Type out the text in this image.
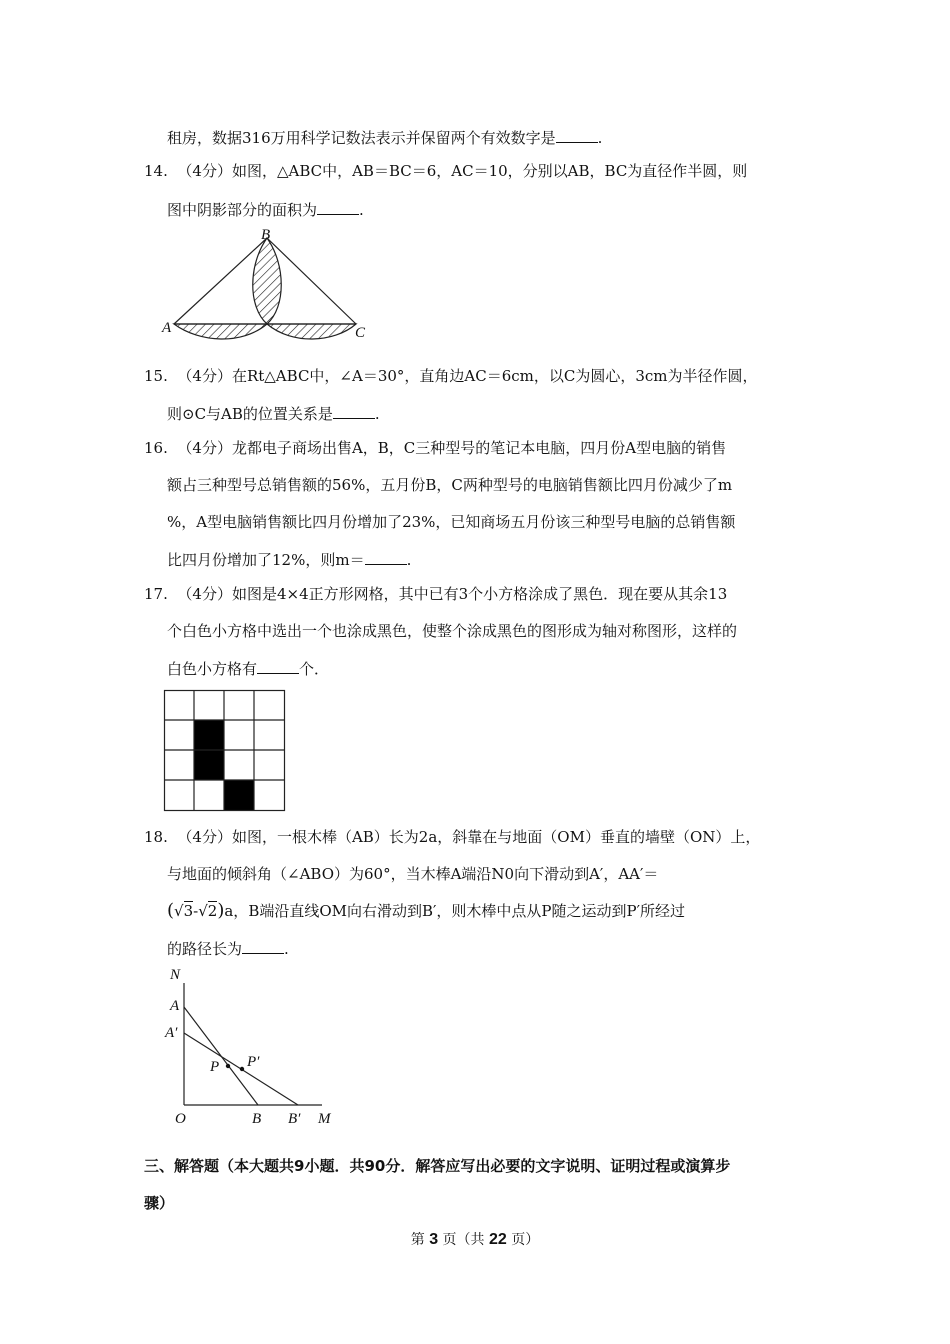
租房，数据316万用科学记数法表示并保留两个有效数字是	.
14. （4分）如图，△ABC中，AB＝BC＝6，AC＝10，分别以AB，BC为直径作半圆，则
图中阴影部分的面积为	.
B
A	C
15. （4分）在Rt△ABC中，∠A＝30°，直角边AC＝6cm，以C为圆心，3cm为半径作圆，
则⊙C与AB的位置关系是	.
16. （4分）龙都电子商场出售A，B，C三种型号的笔记本电脑，四月份A型电脑的销售
额占三种型号总销售额的56%，五月份B，C两种型号的电脑销售额比四月份减少了m
%，A型电脑销售额比四月份增加了23%，已知商场五月份该三种型号电脑的总销售额
比四月份增加了12%，则m＝	.
17. （4分）如图是4×4正方形网格，其中已有3个小方格涂成了黑色．现在要从其余13
个白色小方格中选出一个也涂成黑色，使整个涂成黑色的图形成为轴对称图形，这样的
白色小方格有	个．
18. （4分）如图，一根木棒（AB）长为2a，斜靠在与地面（OM）垂直的墙壁（ON）上，
与地面的倾斜角（∠ABO）为60°，当木棒A端沿N0向下滑动到A′，AA′＝
(√3-√2)a，B端沿直线OM向右滑动到B′，则木棒中点从P随之运动到P′所经过
的路径长为	.
N
A
A′
P P′
O	B B′ M
三、解答题（本大题共9小题．共90分．解答应写出必要的文字说明、证明过程或演算步
骤）
第 3 页（共 22 页）
